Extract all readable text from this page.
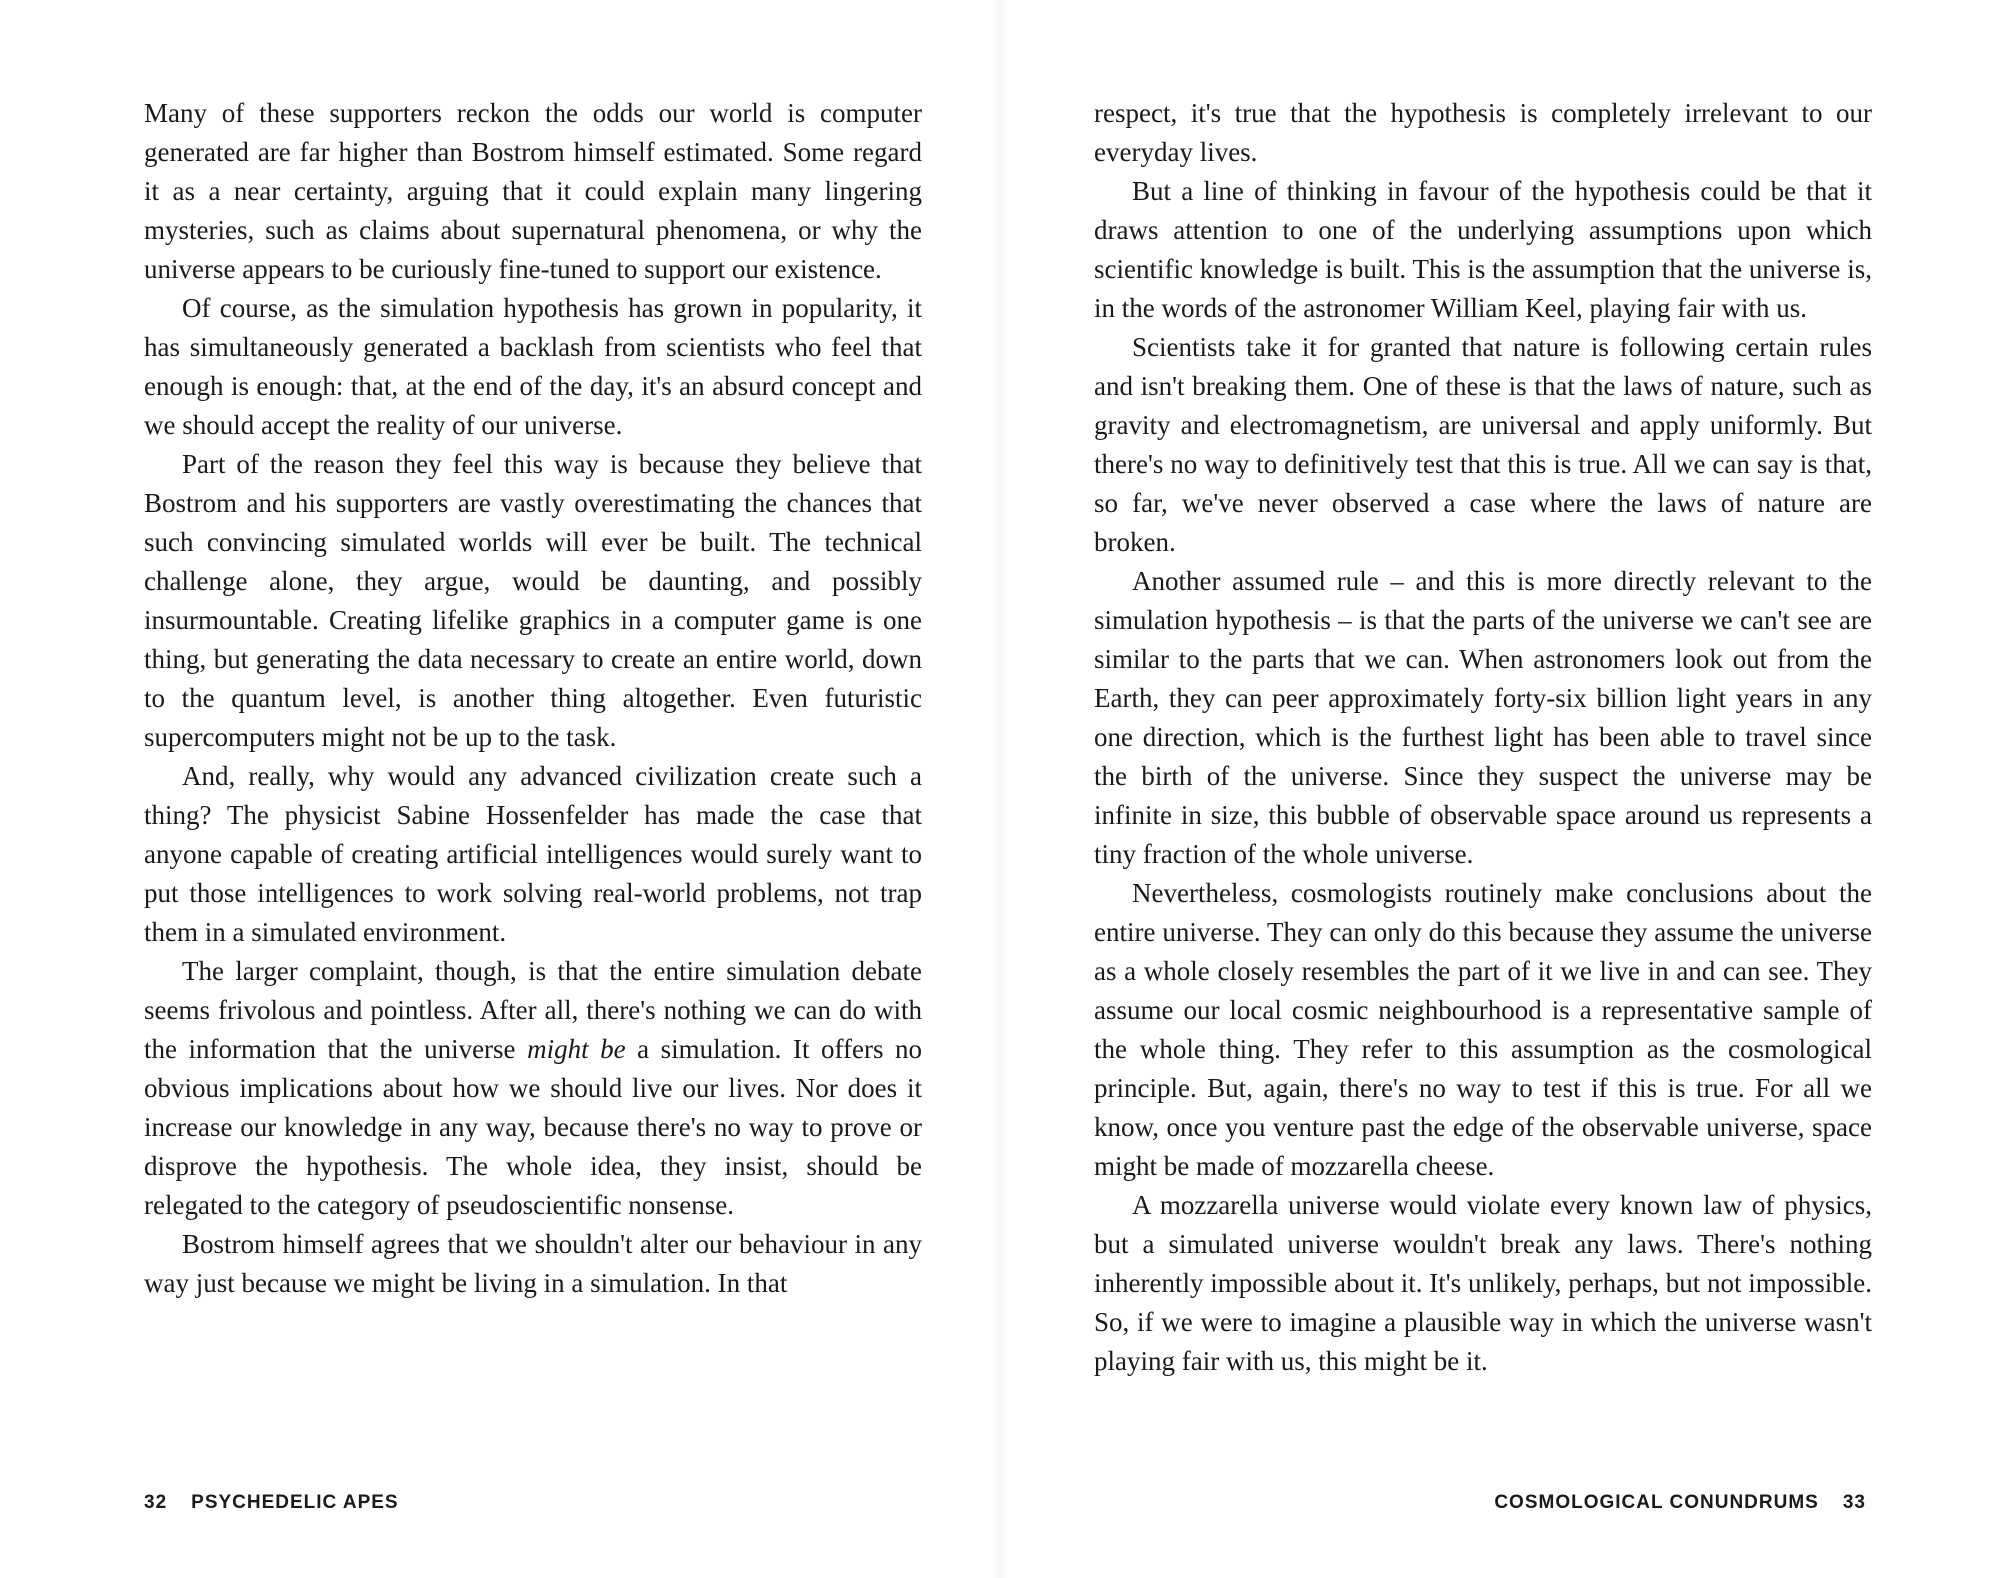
Many of these supporters reckon the odds our world is computer generated are far higher than Bostrom himself estimated. Some regard it as a near certainty, arguing that it could explain many lingering mysteries, such as claims about supernatural phenomena, or why the universe appears to be curiously fine-tuned to support our existence.

Of course, as the simulation hypothesis has grown in popularity, it has simultaneously generated a backlash from scientists who feel that enough is enough: that, at the end of the day, it's an absurd concept and we should accept the reality of our universe.

Part of the reason they feel this way is because they believe that Bostrom and his supporters are vastly overestimating the chances that such convincing simulated worlds will ever be built. The technical challenge alone, they argue, would be daunting, and possibly insurmountable. Creating lifelike graphics in a computer game is one thing, but generating the data necessary to create an entire world, down to the quantum level, is another thing altogether. Even futuristic supercomputers might not be up to the task.

And, really, why would any advanced civilization create such a thing? The physicist Sabine Hossenfelder has made the case that anyone capable of creating artificial intelligences would surely want to put those intelligences to work solving real-world problems, not trap them in a simulated environment.

The larger complaint, though, is that the entire simulation debate seems frivolous and pointless. After all, there's nothing we can do with the information that the universe might be a simulation. It offers no obvious implications about how we should live our lives. Nor does it increase our knowledge in any way, because there's no way to prove or disprove the hypothesis. The whole idea, they insist, should be relegated to the category of pseudoscientific nonsense.

Bostrom himself agrees that we shouldn't alter our behaviour in any way just because we might be living in a simulation. In that

32 PSYCHEDELIC APES

respect, it's true that the hypothesis is completely irrelevant to our everyday lives.

But a line of thinking in favour of the hypothesis could be that it draws attention to one of the underlying assumptions upon which scientific knowledge is built. This is the assumption that the universe is, in the words of the astronomer William Keel, playing fair with us.

Scientists take it for granted that nature is following certain rules and isn't breaking them. One of these is that the laws of nature, such as gravity and electromagnetism, are universal and apply uniformly. But there's no way to definitively test that this is true. All we can say is that, so far, we've never observed a case where the laws of nature are broken.

Another assumed rule – and this is more directly relevant to the simulation hypothesis – is that the parts of the universe we can't see are similar to the parts that we can. When astronomers look out from the Earth, they can peer approximately forty-six billion light years in any one direction, which is the furthest light has been able to travel since the birth of the universe. Since they suspect the universe may be infinite in size, this bubble of observable space around us represents a tiny fraction of the whole universe.

Nevertheless, cosmologists routinely make conclusions about the entire universe. They can only do this because they assume the universe as a whole closely resembles the part of it we live in and can see. They assume our local cosmic neighbourhood is a representative sample of the whole thing. They refer to this assumption as the cosmological principle. But, again, there's no way to test if this is true. For all we know, once you venture past the edge of the observable universe, space might be made of mozzarella cheese.

A mozzarella universe would violate every known law of physics, but a simulated universe wouldn't break any laws. There's nothing inherently impossible about it. It's unlikely, perhaps, but not impossible. So, if we were to imagine a plausible way in which the universe wasn't playing fair with us, this might be it.

COSMOLOGICAL CONUNDRUMS 33
